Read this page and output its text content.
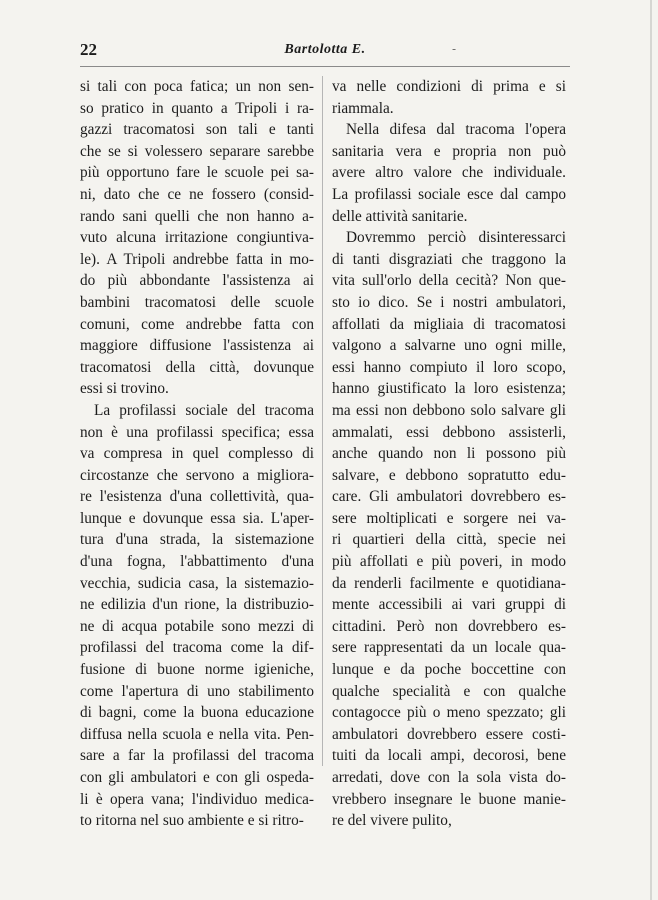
22	Bartolotta E.	-
si tali con poca fatica; un non sen-
so pratico in quanto a Tripoli i ra-
gazzi tracomatosi son tali e tanti
che se si volessero separare sarebbe
più opportuno fare le scuole pei sa-
ni, dato che ce ne fossero (consid-
rando sani quelli che non hanno a-
vuto alcuna irritazione congiuntiva-
le). A Tripoli andrebbe fatta in mo-
do più abbondante l'assistenza ai
bambini tracomatosi delle scuole
comuni, come andrebbe fatta con
maggiore diffusione l'assistenza ai
tracomatosi della città, dovunque
essi si trovino.
La profilassi sociale del tracoma
non è una profilassi specifica; essa
va compresa in quel complesso di
circostanze che servono a migliora-
re l'esistenza d'una collettività, qua-
lunque e dovunque essa sia. L'aper-
tura d'una strada, la sistemazione
d'una fogna, l'abbattimento d'una
vecchia, sudicia casa, la sistemazio-
ne edilizia d'un rione, la distribuzio-
ne di acqua potabile sono mezzi di
profilassi del tracoma come la dif-
fusione di buone norme igieniche,
come l'apertura di uno stabilimento
di bagni, come la buona educazione
diffusa nella scuola e nella vita. Pen-
sare a far la profilassi del tracoma
con gli ambulatori e con gli ospeda-
li è opera vana; l'individuo medica-
to ritorna nel suo ambiente e si ritro-
va nelle condizioni di prima e si
riammala.
Nella difesa dal tracoma l'opera
sanitaria vera e propria non può
avere altro valore che individuale.
La profilassi sociale esce dal campo
delle attività sanitarie.
Dovremmo perciò disinteressarci
di tanti disgraziati che traggono la
vita sull'orlo della cecità? Non que-
sto io dico. Se i nostri ambulatori,
affollati da migliaia di tracomatosi
valgono a salvarne uno ogni mille,
essi hanno compiuto il loro scopo,
hanno giustificato la loro esistenza;
ma essi non debbono solo salvare gli
ammalati, essi debbono assisterli,
anche quando non li possono più
salvare, e debbono sopratutto edu-
care. Gli ambulatori dovrebbero es-
sere moltiplicati e sorgere nei va-
ri quartieri della città, specie nei
più affollati e più poveri, in modo
da renderli facilmente e quotidiana-
mente accessibili ai vari gruppi di
cittadini. Però non dovrebbero es-
sere rappresentati da un locale qua-
lunque e da poche boccettine con
qualche specialità e con qualche
contagocce più o meno spezzato; gli
ambulatori dovrebbero essere costi-
tuiti da locali ampi, decorosi, bene
arredati, dove con la sola vista do-
vrebbero insegnare le buone manie-
re del vivere pulito,
